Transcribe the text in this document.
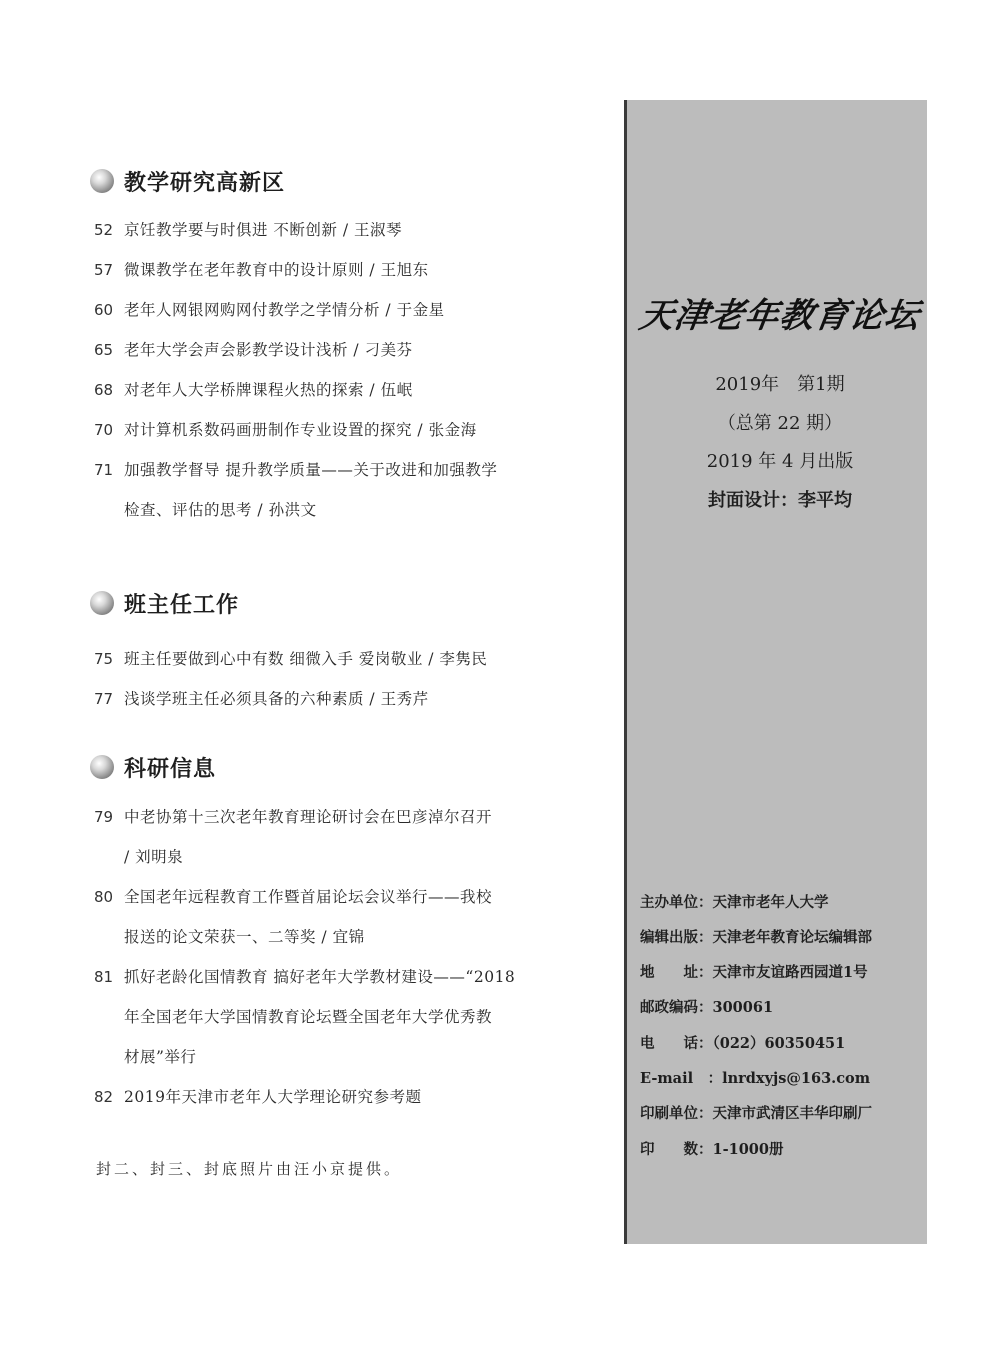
教学研究高新区
52 京饪教学要与时俱进 不断创新 / 王淑琴
57 微课教学在老年教育中的设计原则 / 王旭东
60 老年人网银网购网付教学之学情分析 / 于金星
65 老年大学会声会影教学设计浅析 / 刁美芬
68 对老年人大学桥牌课程火热的探索 / 伍岷
70 对计算机系数码画册制作专业设置的探究 / 张金海
71 加强教学督导 提升教学质量——关于改进和加强教学
检查、评估的思考 / 孙洪文
班主任工作
75 班主任要做到心中有数 细微入手 爱岗敬业 / 李隽民
77 浅谈学班主任必须具备的六种素质 / 王秀芹
科研信息
79 中老协第十三次老年教育理论研讨会在巴彦淖尔召开
/ 刘明泉
80 全国老年远程教育工作暨首届论坛会议举行——我校
报送的论文荣获一、二等奖 / 宜锦
81 抓好老龄化国情教育 搞好老年大学教材建设——“2018
年全国老年大学国情教育论坛暨全国老年大学优秀教
材展”举行
82 2019年天津市老年人大学理论研究参考题
封二、封三、封底照片由汪小京提供。
天津老年教育论坛
2019年　第1期
（总第 22 期）
2019 年 4 月出版
封面设计：李平均
主办单位：天津市老年人大学
编辑出版：天津老年教育论坛编辑部
地　　址：天津市友谊路西园道1号
邮政编码：300061
电　　话：（022）60350451
E-mail　：lnrdxyjs@163.com
印刷单位：天津市武清区丰华印刷厂
印　　数：1-1000册
